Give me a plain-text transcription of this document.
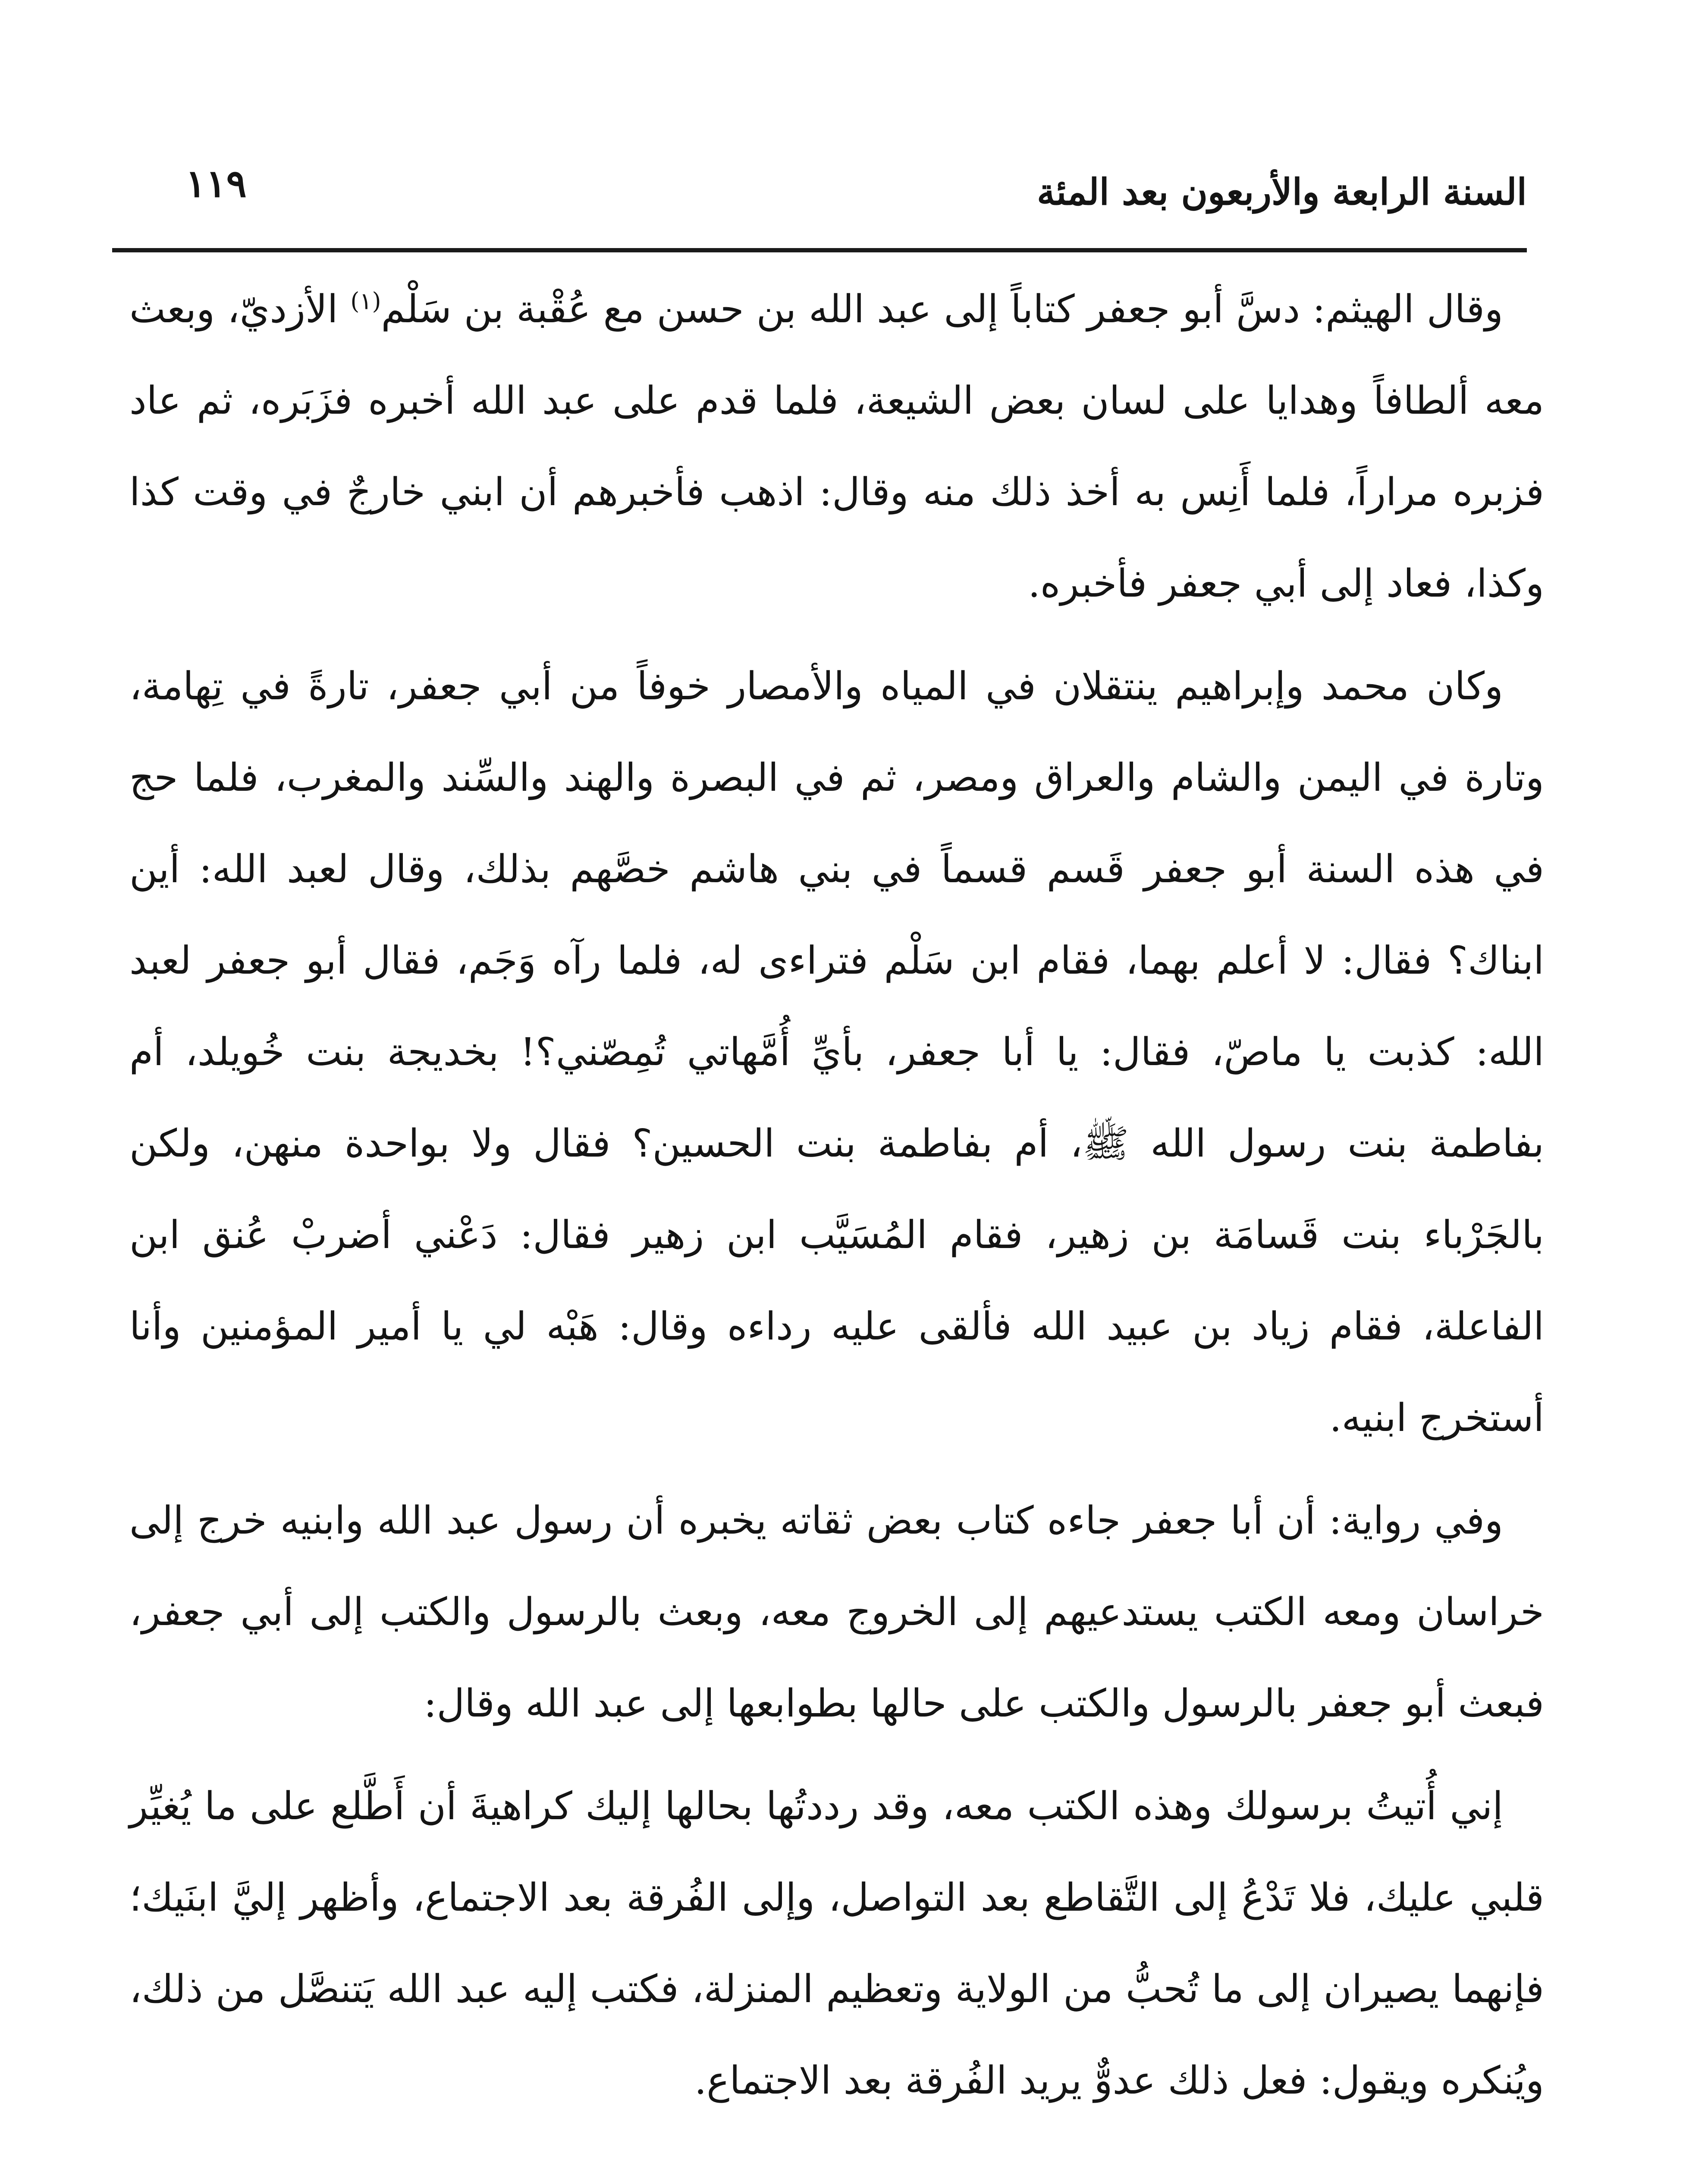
السنة الرابعة والأربعون بعد المئة
١١٩

وقال الهيثم: دسَّ أبو جعفر كتاباً إلى عبد الله بن حسن مع عُقْبة بن سَلْم$^{(١)}$ الأزديّ، وبعث معه ألطافاً وهدايا على لسان بعض الشيعة، فلما قدم على عبد الله أخبره فزَبَره، ثم عاد فزبره مراراً، فلما أَنِس به أخذ ذلك منه وقال: اذهب فأخبرهم أن ابني خارجٌ في وقت كذا وكذا، فعاد إلى أبي جعفر فأخبره.

وكان محمد وإبراهيم ينتقلان في المياه والأمصار خوفاً من أبي جعفر، تارةً في تِهامة، وتارة في اليمن والشام والعراق ومصر، ثم في البصرة والهند والسِّند والمغرب، فلما حج في هذه السنة أبو جعفر قَسم قسماً في بني هاشم خصَّهم بذلك، وقال لعبد الله: أين ابناك؟ فقال: لا أعلم بهما، فقام ابن سَلْم فتراءى له، فلما رآه وَجَم، فقال أبو جعفر لعبد الله: كذبت يا ماصّ، فقال: يا أبا جعفر، بأيِّ أُمَّهاتي تُمِصّني؟! بخديجة بنت خُويلد، أم بفاطمة بنت رسول الله ﷺ، أم بفاطمة بنت الحسين؟ فقال ولا بواحدة منهن، ولكن بالجَرْباء بنت قَسامَة بن زهير، فقام المُسَيَّب ابن زهير فقال: دَعْني أضربْ عُنق ابن الفاعلة، فقام زياد بن عبيد الله فألقى عليه رداءه وقال: هَبْه لي يا أمير المؤمنين وأنا أستخرج ابنيه.

وفي رواية: أن أبا جعفر جاءه كتاب بعض ثقاته يخبره أن رسول عبد الله وابنيه خرج إلى خراسان ومعه الكتب يستدعيهم إلى الخروج معه، وبعث بالرسول والكتب إلى أبي جعفر، فبعث أبو جعفر بالرسول والكتب على حالها بطوابعها إلى عبد الله وقال:

إني أُتيتُ برسولك وهذه الكتب معه، وقد رددتُها بحالها إليك كراهيةَ أن أَطَّلع على ما يُغيِّر قلبي عليك، فلا تَدْعُ إلى التَّقاطع بعد التواصل، وإلى الفُرقة بعد الاجتماع، وأظهر إليَّ ابنَيك؛ فإنهما يصيران إلى ما تُحبُّ من الولاية وتعظيم المنزلة، فكتب إليه عبد الله يَتنصَّل من ذلك، ويُنكره ويقول: فعل ذلك عدوٌّ يريد الفُرقة بعد الاجتماع.
